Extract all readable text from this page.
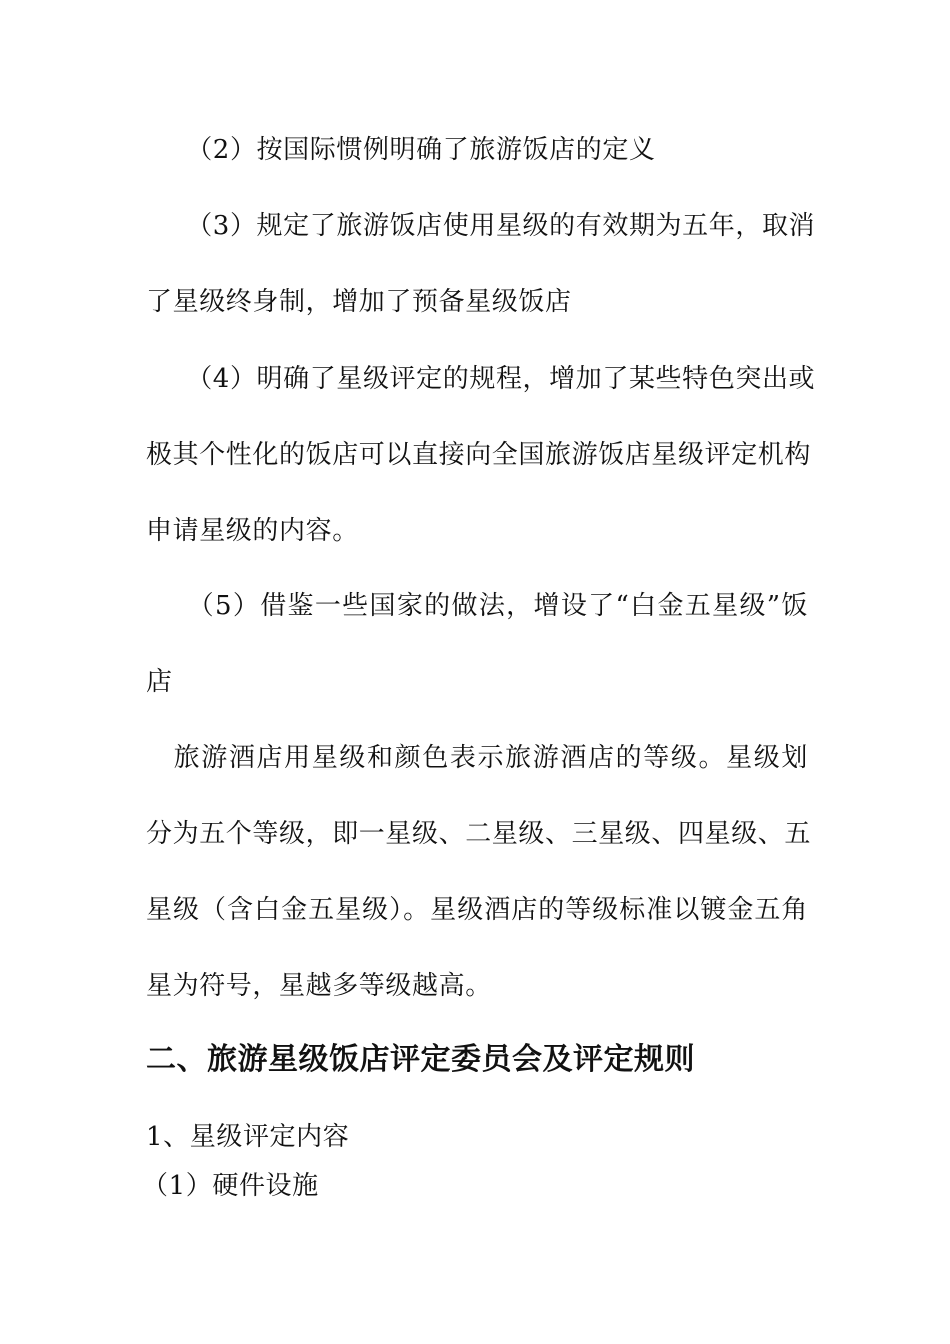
　　（2）按国际惯例明确了旅游饭店的定义
　　（3）规定了旅游饭店使用星级的有效期为五年，取消
了星级终身制，增加了预备星级饭店
　　（4）明确了星级评定的规程，增加了某些特色突出或
极其个性化的饭店可以直接向全国旅游饭店星级评定机构
申请星级的内容。
　　（5）借鉴一些国家的做法，增设了“白金五星级”饭
店
　旅游酒店用星级和颜色表示旅游酒店的等级。星级划
分为五个等级，即一星级、二星级、三星级、四星级、五
星级（含白金五星级）。星级酒店的等级标准以镀金五角
星为符号，星越多等级越高。
二、旅游星级饭店评定委员会及评定规则

1、星级评定内容

（1）硬件设施
